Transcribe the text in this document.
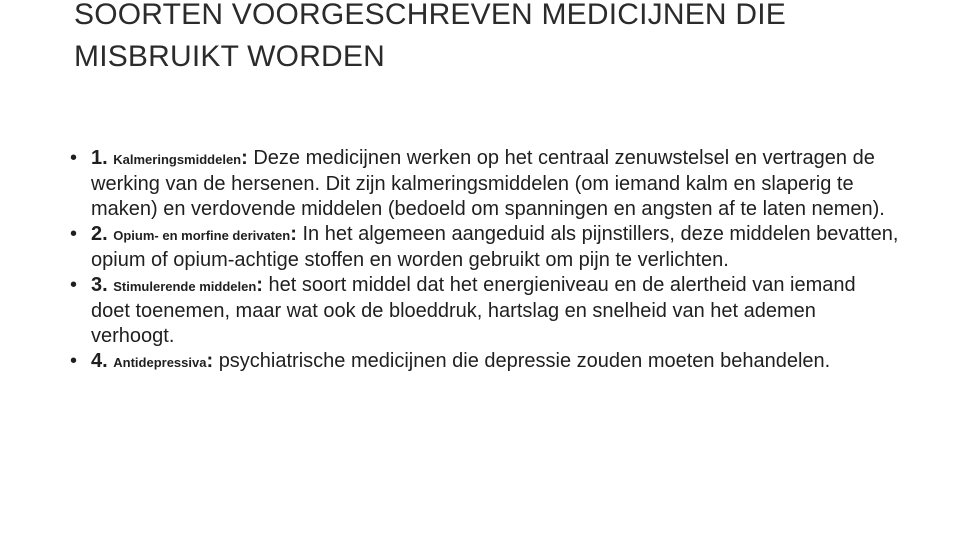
SOORTEN VOORGESCHREVEN MEDICIJNEN DIE MISBRUIKT WORDEN
• 1. Kalmeringsmiddelen: Deze medicijnen werken op het centraal zenuwstelsel en vertragen de werking van de hersenen. Dit zijn kalmeringsmiddelen (om iemand kalm en slaperig te maken) en verdovende middelen (bedoeld om spanningen en angsten af te laten nemen).
• 2. Opium- en morfine derivaten: In het algemeen aangeduid als pijnstillers, deze middelen bevatten, opium of opium-achtige stoffen en worden gebruikt om pijn te verlichten.
• 3. Stimulerende middelen: het soort middel dat het energieniveau en de alertheid van iemand doet toenemen, maar wat ook de bloeddruk, hartslag en snelheid van het ademen verhoogt.
• 4. Antidepressiva: psychiatrische medicijnen die depressie zouden moeten behandelen.
